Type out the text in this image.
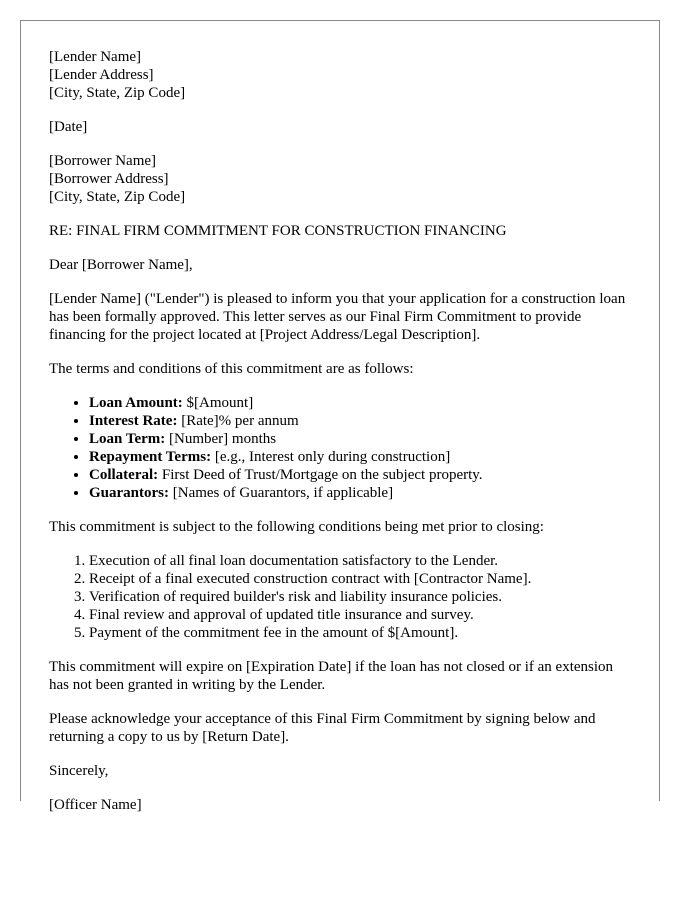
[Lender Name]
[Lender Address]
[City, State, Zip Code]

[Date]

[Borrower Name]
[Borrower Address]
[City, State, Zip Code]

RE: FINAL FIRM COMMITMENT FOR CONSTRUCTION FINANCING

Dear [Borrower Name],

[Lender Name] ("Lender") is pleased to inform you that your application for a construction loan has been formally approved. This letter serves as our Final Firm Commitment to provide financing for the project located at [Project Address/Legal Description].

The terms and conditions of this commitment are as follows:

• Loan Amount: $[Amount]
• Interest Rate: [Rate]% per annum
• Loan Term: [Number] months
• Repayment Terms: [e.g., Interest only during construction]
• Collateral: First Deed of Trust/Mortgage on the subject property.
• Guarantors: [Names of Guarantors, if applicable]

This commitment is subject to the following conditions being met prior to closing:

1. Execution of all final loan documentation satisfactory to the Lender.
2. Receipt of a final executed construction contract with [Contractor Name].
3. Verification of required builder's risk and liability insurance policies.
4. Final review and approval of updated title insurance and survey.
5. Payment of the commitment fee in the amount of $[Amount].

This commitment will expire on [Expiration Date] if the loan has not closed or if an extension has not been granted in writing by the Lender.

Please acknowledge your acceptance of this Final Firm Commitment by signing below and returning a copy to us by [Return Date].

Sincerely,

[Officer Name]
